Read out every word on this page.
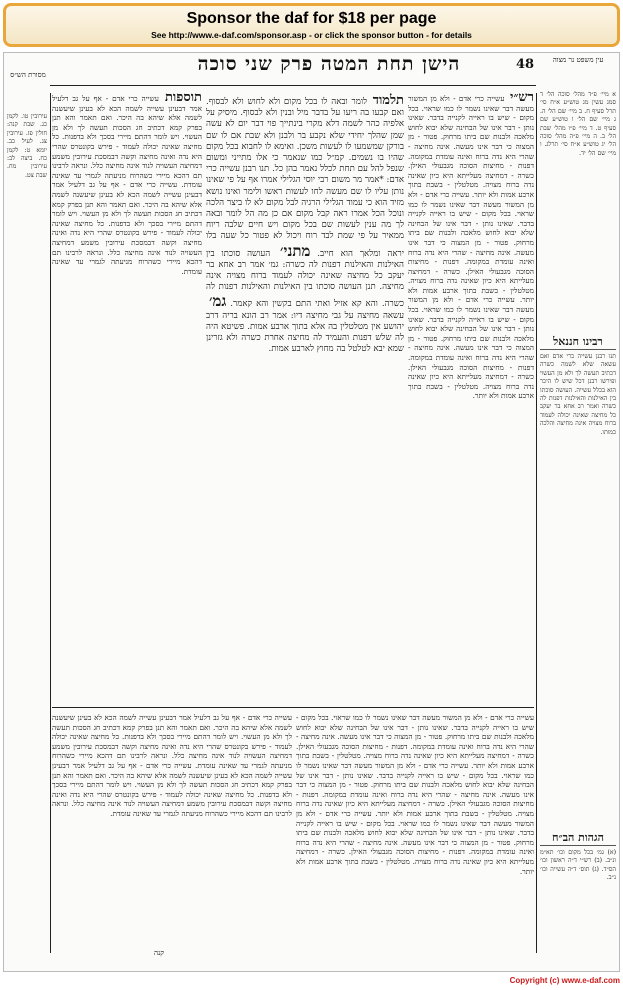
Sponsor the daf for $18 per page
See http://www.e-daf.com/sponsor.asp - or click the sponsor button - for details
48
הישן תחת המטה פרק שני סוכה	עין משפט נר מצוה
מסורת הש״ס
א מיי׳ פ״ד מהל׳ סוכה הל׳ ד סמג עשין מג טוש״ע א״ח סי׳ תרל סעיף ח. ב מיי׳ שם הל׳ ה. ג מיי׳ שם הל׳ ו טוש״ע שם סעיף ט. ד מיי׳ פ״ו מהל׳ שבת הל׳ ב. ה מיי׳ פ״ה מהל׳ סוכה הל׳ יג טוש״ע א״ח סי׳ תרלג. ו מיי׳ שם הל׳ יד.
רבינו חננאל
תנו רבנן עשייה כרי אדם ואם עשאה שלא לשמה כשרה דכתיב תעשה לך ולא מן העשוי ופירשו רבנן דכל שיש לו היכר הוא בכלל עשייה. העושה סוכתו בין האילנות והאילנות דפנות לה כשרה ואמר רב אחא בר יעקב כל מחיצה שאינה יכולה לעמוד ברוח מצויה אינה מחיצה והלכה כמותו.
הגהות הב״ח
(א) גמ׳ בכל מקום וכו׳ תא״מ ונ״ב. (ב) רש״י ד״ה ראשון וכו׳ הס״ד. (ג) תוס׳ ד״ה עשייה וכו׳ נ״ב.
עירובין טו. לקמן כג. שבת קנה: חולין פז. עירובין צג. לעיל כב. יומא ט: לקמן כח. ביצה לב: עירובין מח. שבת צט.
רש״י עשייה כרי אדם - ולא מן המשור מעשה דבר שאינו נשמר לו כמו שראוי. בכל מקום - שיש בו ראייה לקנייה בדבר. שאינו נותן - דבר אינו של הבחינה שלא יבוא לחוש מלאכה ולבנות שם ביתו מרחוק. פטור - מן המצוה כי דבר אינו מעשה. אינה מחיצה - שהרי היא נדה ברוח ואינה עומדת במקומה. דפנות - מחיצות הסוכה מגבעולי האילן. כשרה - דמחיצה מעלייתא היא כיון שאינה נדה ברוח מצויה. מטלטלין - בשבת בתוך ארבע אמות ולא יותר. עשייה כרי אדם - ולא מן המשור מעשה דבר שאינו נשמר לו כמו שראוי. בכל מקום - שיש בו ראייה לקנייה בדבר. שאינו נותן - דבר אינו של הבחינה שלא יבוא לחוש מלאכה ולבנות שם ביתו מרחוק. פטור - מן המצוה כי דבר אינו מעשה. אינה מחיצה - שהרי היא נדה ברוח ואינה עומדת במקומה. דפנות - מחיצות הסוכה מגבעולי האילן. כשרה - דמחיצה מעלייתא היא כיון שאינה נדה ברוח מצויה. מטלטלין - בשבת בתוך ארבע אמות ולא יותר. עשייה כרי אדם - ולא מן המשור מעשה דבר שאינו נשמר לו כמו שראוי. בכל מקום - שיש בו ראייה לקנייה בדבר. שאינו נותן - דבר אינו של הבחינה שלא יבוא לחוש מלאכה ולבנות שם ביתו מרחוק. פטור - מן המצוה כי דבר אינו מעשה. אינה מחיצה - שהרי היא נדה ברוח ואינה עומדת במקומה. דפנות - מחיצות הסוכה מגבעולי האילן. כשרה - דמחיצה מעלייתא היא כיון שאינה נדה ברוח מצויה. מטלטלין - בשבת בתוך ארבע אמות ולא יותר.
תוספות עשייה כרי אדם - אף על גב דלעיל אמר דבעינן עשייה לשמה הכא לא בעינן שיעשנה לשמה אלא שיהא בה היכר. ואם תאמר והא תנן בפרק קמא דכתיב חג הסכות תעשה לך ולא מן העשוי. ויש לומר דהתם מיירי בסכך ולא בדפנות. כל מחיצה שאינה יכולה לעמוד - פירש בקונטרס שהרי היא נדה ואינה מחיצה וקשה דבמסכת עירובין משמע דמחיצה העשויה לנוד אינה מחיצה כלל. ונראה לרבינו תם דהכא מיירי כשהרוח מניעתה לגמרי עד שאינה עומדת. עשייה כרי אדם - אף על גב דלעיל אמר דבעינן עשייה לשמה הכא לא בעינן שיעשנה לשמה אלא שיהא בה היכר. ואם תאמר והא תנן בפרק קמא דכתיב חג הסכות תעשה לך ולא מן העשוי. ויש לומר דהתם מיירי בסכך ולא בדפנות. כל מחיצה שאינה יכולה לעמוד - פירש בקונטרס שהרי היא נדה ואינה מחיצה וקשה דבמסכת עירובין משמע דמחיצה העשויה לנוד אינה מחיצה כלל. ונראה לרבינו תם דהכא מיירי כשהרוח מניעתה לגמרי עד שאינה עומדת.
תלמוד לומר ובאה לו בכל מקום ולא לחוש ולא לבסוף. ואם קבעו בה ריעו על בדבר מיל ובנין ולא לבסוף. מיסיק על אלפיה כהר לשמה דלא מקרי בינתייך פוי דבר יום לא עשה שמן שהלך יחידי שלא נקבע בר ולבנן ולא שבת אם לו שם בורקן שמשמעו לו לעשות משכן. ואימא לו לחבוא בכל מקום שהיו בו נשמים. קמ״ל כמו שנאמר כי אלו מתייני ומשום שנפל להל עם תחת לכלל נאמר בהן כל. תנו רבנן עשייה כרי אדם: *אמר מר משום רבי יוסי הגלילי אמרו אף על פי שאינו נותן עליו לו שם מעשה לחו לעשות ראשו ולימר ואינו נושא מזיד הוא כי עמוד הגלילי הרגיה לבל מקום לא לו ביצר הלכה ונוכל הכל אמרו ראה קבל מקום אם כן מה הל לומר ובאה לך מה ענין לעשות שם בכל מקום ויש חיים שלבה ריוח ממאיר על פי שמת לבד רוח ויכול לא פטור כל שעה בלו יראה ומלאך הוא חייב. מתני׳ העושה סוכתו בין האילנות והאילנות דפנות לה כשרה: גמ׳ אמר רב אחא בר יעקב כל מחיצה שאינה יכולה לעמוד ברוח מצויה אינה מחיצה. תנן העושה סוכתו בין האילנות והאילנות דפנות לה כשרה. והא קא אזיל ואתי התם בקשין והא קאמר. גמ׳ עשאה מחיצה על גבי מחיצה דיו: אמר רב הונא בריה דרב יהושע אין מטלטלין בה אלא בתוך ארבע אמות. פשיטא היה לה שלש דפנות והעמיד לה מחיצה אחרת כשרה ולא גזרינן שמא יבא לטלטל בה מחוץ לארבע אמות.
עשייה כרי אדם - ולא מן המשור מעשה דבר שאינו נשמר לו כמו שראוי. בכל מקום - שיש בו ראייה לקנייה בדבר. שאינו נותן - דבר אינו של הבחינה שלא יבוא לחוש מלאכה ולבנות שם ביתו מרחוק. פטור - מן המצוה כי דבר אינו מעשה. אינה מחיצה - שהרי היא נדה ברוח ואינה עומדת במקומה. דפנות - מחיצות הסוכה מגבעולי האילן. כשרה - דמחיצה מעלייתא היא כיון שאינה נדה ברוח מצויה. מטלטלין - בשבת בתוך ארבע אמות ולא יותר. עשייה כרי אדם - ולא מן המשור מעשה דבר שאינו נשמר לו כמו שראוי. בכל מקום - שיש בו ראייה לקנייה בדבר. שאינו נותן - דבר אינו של הבחינה שלא יבוא לחוש מלאכה ולבנות שם ביתו מרחוק. פטור - מן המצוה כי דבר אינו מעשה. אינה מחיצה - שהרי היא נדה ברוח ואינה עומדת במקומה. דפנות - מחיצות הסוכה מגבעולי האילן. כשרה - דמחיצה מעלייתא היא כיון שאינה נדה ברוח מצויה. מטלטלין - בשבת בתוך ארבע אמות ולא יותר. עשייה כרי אדם - ולא מן המשור מעשה דבר שאינו נשמר לו כמו שראוי. בכל מקום - שיש בו ראייה לקנייה בדבר. שאינו נותן - דבר אינו של הבחינה שלא יבוא לחוש מלאכה ולבנות שם ביתו מרחוק. פטור - מן המצוה כי דבר אינו מעשה. אינה מחיצה - שהרי היא נדה ברוח ואינה עומדת במקומה. דפנות - מחיצות הסוכה מגבעולי האילן. כשרה - דמחיצה מעלייתא היא כיון שאינה נדה ברוח מצויה. מטלטלין - בשבת בתוך ארבע אמות ולא יותר.
עשייה כרי אדם - אף על גב דלעיל אמר דבעינן עשייה לשמה הכא לא בעינן שיעשנה לשמה אלא שיהא בה היכר. ואם תאמר והא תנן בפרק קמא דכתיב חג הסכות תעשה לך ולא מן העשוי. ויש לומר דהתם מיירי בסכך ולא בדפנות. כל מחיצה שאינה יכולה לעמוד - פירש בקונטרס שהרי היא נדה ואינה מחיצה וקשה דבמסכת עירובין משמע דמחיצה העשויה לנוד אינה מחיצה כלל. ונראה לרבינו תם דהכא מיירי כשהרוח מניעתה לגמרי עד שאינה עומדת. עשייה כרי אדם - אף על גב דלעיל אמר דבעינן עשייה לשמה הכא לא בעינן שיעשנה לשמה אלא שיהא בה היכר. ואם תאמר והא תנן בפרק קמא דכתיב חג הסכות תעשה לך ולא מן העשוי. ויש לומר דהתם מיירי בסכך ולא בדפנות. כל מחיצה שאינה יכולה לעמוד - פירש בקונטרס שהרי היא נדה ואינה מחיצה וקשה דבמסכת עירובין משמע דמחיצה העשויה לנוד אינה מחיצה כלל. ונראה לרבינו תם דהכא מיירי כשהרוח מניעתה לגמרי עד שאינה עומדת.
קנה
Copyright (c) www.e-daf.com
